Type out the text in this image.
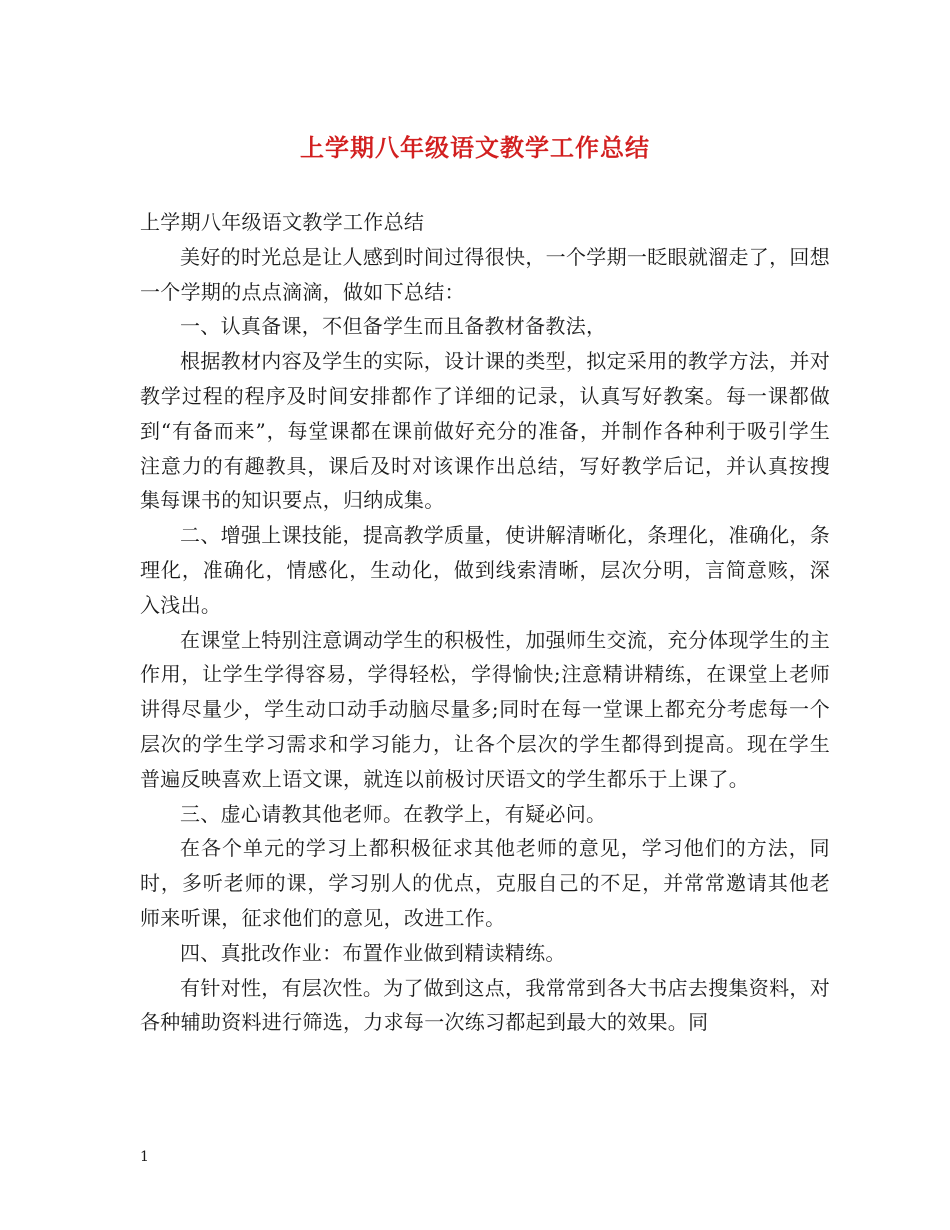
上学期八年级语文教学工作总结

上学期八年级语文教学工作总结

美好的时光总是让人感到时间过得很快，一个学期一眨眼就溜走了，回想一个学期的点点滴滴，做如下总结：

一、认真备课，不但备学生而且备教材备教法，

根据教材内容及学生的实际，设计课的类型，拟定采用的教学方法，并对教学过程的程序及时间安排都作了详细的记录，认真写好教案。每一课都做到“有备而来”，每堂课都在课前做好充分的准备，并制作各种利于吸引学生注意力的有趣教具，课后及时对该课作出总结，写好教学后记，并认真按搜集每课书的知识要点，归纳成集。

二、增强上课技能，提高教学质量，使讲解清晰化，条理化，准确化，条理化，准确化，情感化，生动化，做到线索清晰，层次分明，言简意赅，深入浅出。

在课堂上特别注意调动学生的积极性，加强师生交流，充分体现学生的主作用，让学生学得容易，学得轻松，学得愉快;注意精讲精练，在课堂上老师讲得尽量少，学生动口动手动脑尽量多;同时在每一堂课上都充分考虑每一个层次的学生学习需求和学习能力，让各个层次的学生都得到提高。现在学生普遍反映喜欢上语文课，就连以前极讨厌语文的学生都乐于上课了。

三、虚心请教其他老师。在教学上，有疑必问。

在各个单元的学习上都积极征求其他老师的意见，学习他们的方法，同时，多听老师的课，学习别人的优点，克服自己的不足，并常常邀请其他老师来听课，征求他们的意见，改进工作。

四、真批改作业：布置作业做到精读精练。

有针对性，有层次性。为了做到这点，我常常到各大书店去搜集资料，对各种辅助资料进行筛选，力求每一次练习都起到最大的效果。同

1
